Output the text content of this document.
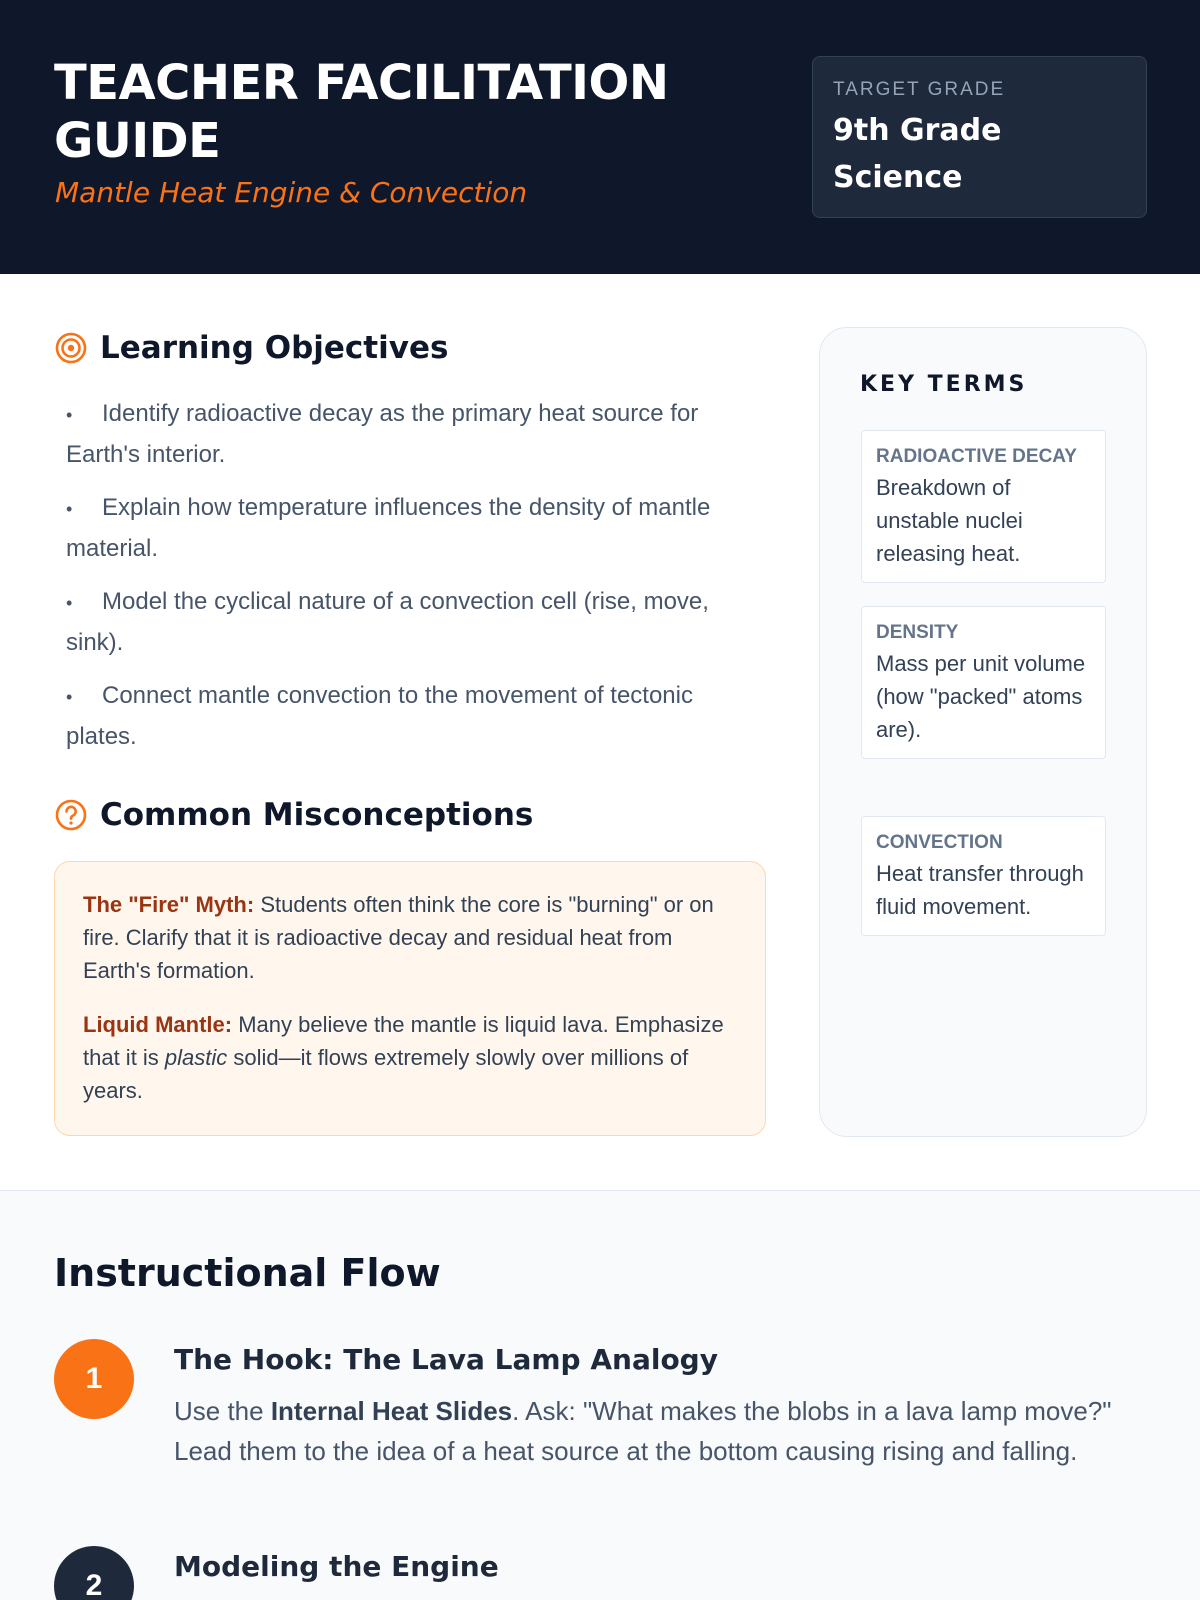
TEACHER FACILITATION GUIDE
Mantle Heat Engine & Convection
TARGET GRADE
9th Grade Science
Learning Objectives
• Identify radioactive decay as the primary heat source for Earth's interior.
• Explain how temperature influences the density of mantle material.
• Model the cyclical nature of a convection cell (rise, move, sink).
• Connect mantle convection to the movement of tectonic plates.
Common Misconceptions

The "Fire" Myth: Students often think the core is "burning" or on fire. Clarify that it is radioactive decay and residual heat from Earth's formation.

Liquid Mantle: Many believe the mantle is liquid lava. Emphasize that it is plastic solid—it flows extremely slowly over millions of years.

KEY TERMS
RADIOACTIVE DECAY
Breakdown of unstable nuclei releasing heat.
DENSITY
Mass per unit volume (how "packed" atoms are).
CONVECTION
Heat transfer through fluid movement.
Instructional Flow
1
The Hook: The Lava Lamp Analogy
Use the Internal Heat Slides. Ask: "What makes the blobs in a lava lamp move?" Lead them to the idea of a heat source at the bottom causing rising and falling.
2
Modeling the Engine
